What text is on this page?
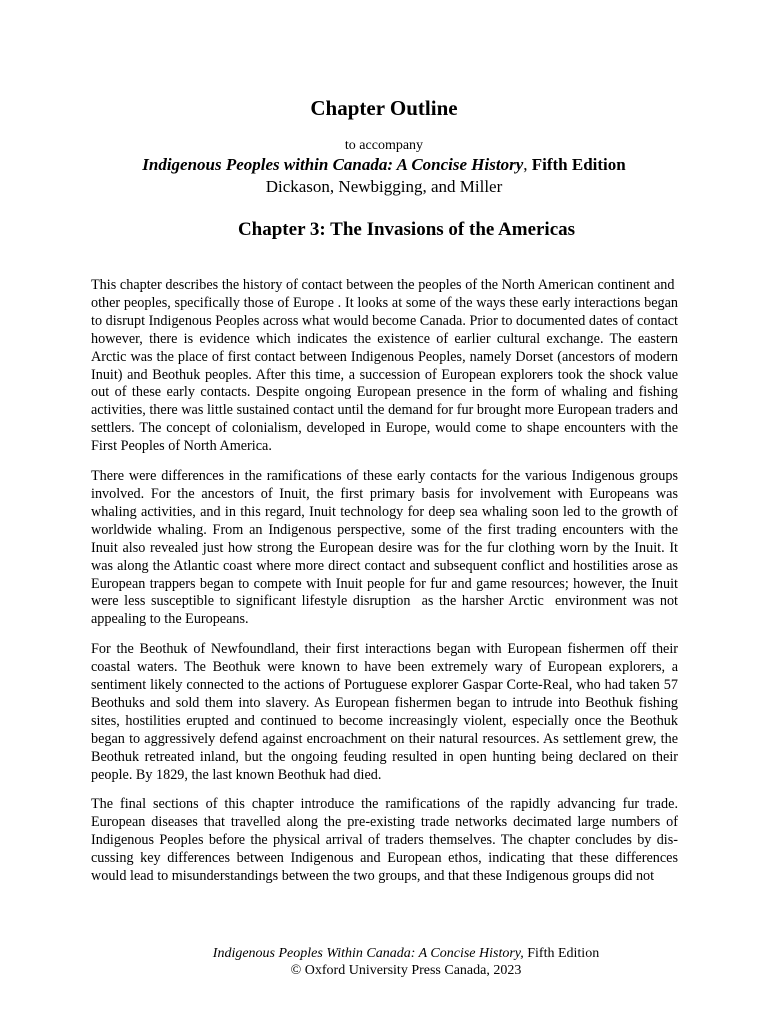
Chapter Outline
to accompany
Indigenous Peoples within Canada: A Concise History, Fifth Edition
Dickason, Newbigging, and Miller
Chapter 3: The Invasions of the Americas

This chapter describes the history of contact between the peoples of the North American continent and  other peoples, specifically those of Europe . It looks at some of the ways these early interactions began to disrupt Indigenous Peoples across what would become Canada. Prior to documented dates of contact however, there is evidence which indicates the existence of earlier cultural exchange. The eastern Arctic was the place of first contact between Indigenous Peoples, namely Dorset (ancestors of modern Inuit) and Beothuk peoples. After this time, a succession of European explorers took the shock value out of these early contacts. Despite ongoing European presence in the form of whaling and fishing activities, there was little sustained contact until the demand for fur brought more European traders and settlers. The concept of colonialism, developed in Europe, would come to shape encounters with the First Peoples of North America.

There were differences in the ramifications of these early contacts for the various Indigenous groups involved. For the ancestors of Inuit, the first primary basis for involvement with Europeans was whaling activities, and in this regard, Inuit technology for deep sea whaling soon led to the growth of worldwide whaling. From an Indigenous perspective, some of the first trading encounters with the Inuit also revealed just how strong the European desire was for the fur clothing worn by the Inuit. It was along the Atlantic coast where more direct contact and subsequent conflict and hostilities arose as European trappers began to compete with Inuit people for fur and game resources; however, the Inuit were less susceptible to significant lifestyle disruption  as the harsher Arctic  environment was not appealing to the Europeans.

For the Beothuk of Newfoundland, their first interactions began with European fishermen off their coastal waters. The Beothuk were known to have been extremely wary of European explorers, a sentiment likely connected to the actions of Portuguese explorer Gaspar Corte-Real, who had taken 57 Beothuks and sold them into slavery. As European fishermen began to intrude into Beothuk fishing sites, hostilities erupted and continued to become increasingly violent, especially once the Beothuk began to aggressively defend against encroachment on their natural resources. As settlement grew, the Beothuk retreated inland, but the ongoing feuding resulted in open hunting being declared on their people. By 1829, the last known Beothuk had died.

The final sections of this chapter introduce the ramifications of the rapidly advancing fur trade. European diseases that travelled along the pre-existing trade networks decimated large numbers of Indigenous Peoples before the physical arrival of traders themselves. The chapter concludes by discussing key differences between Indigenous and European ethos, indicating that these differences would lead to misunderstandings between the two groups, and that these Indigenous groups did not

Indigenous Peoples Within Canada: A Concise History, Fifth Edition
© Oxford University Press Canada, 2023
